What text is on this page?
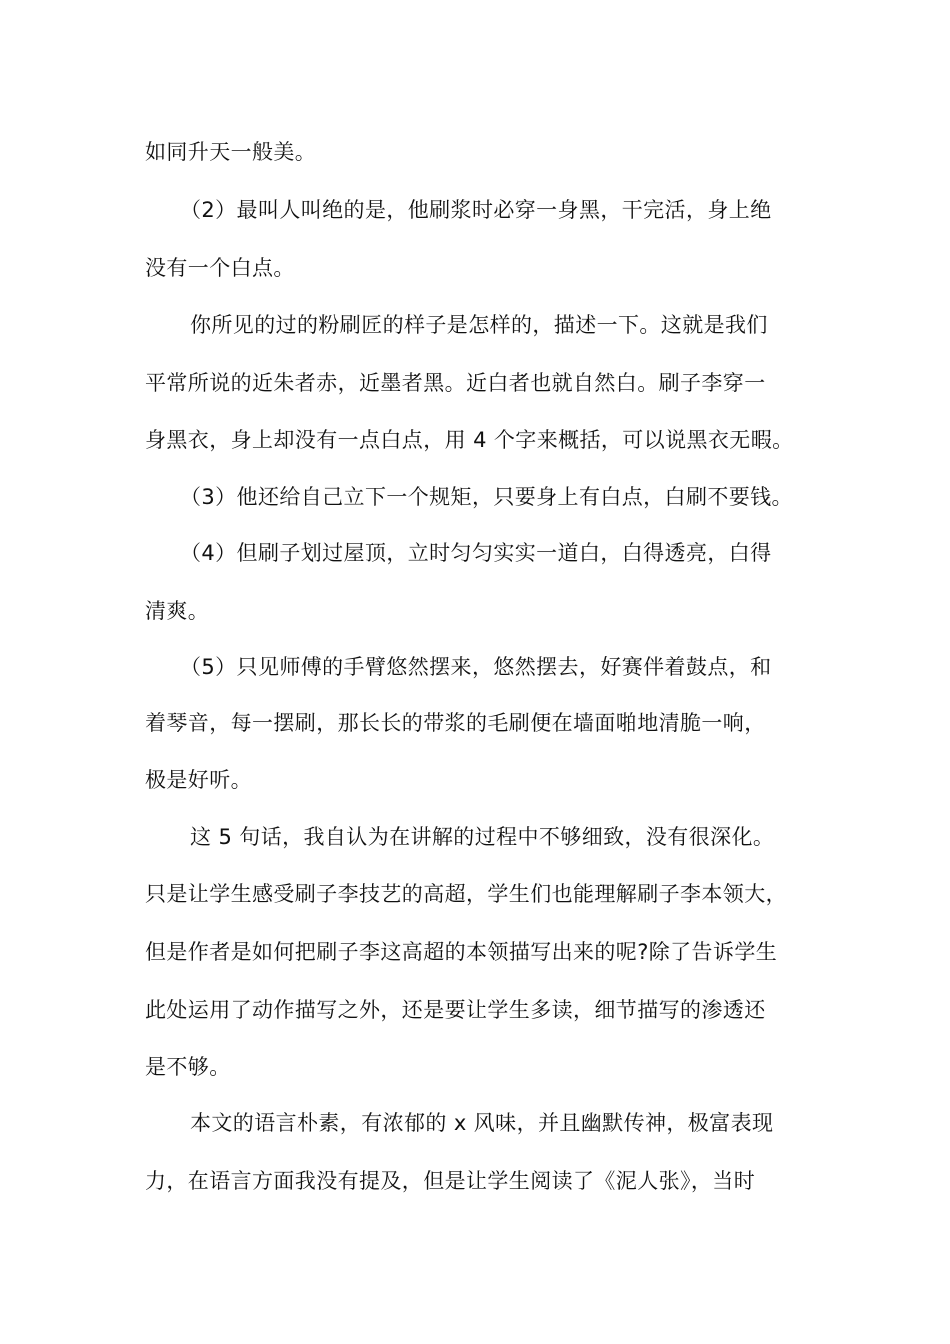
如同升天一般美。
（2）最叫人叫绝的是，他刷浆时必穿一身黑，干完活，身上绝
没有一个白点。
你所见的过的粉刷匠的样子是怎样的，描述一下。这就是我们
平常所说的近朱者赤，近墨者黑。近白者也就自然白。刷子李穿一
身黑衣，身上却没有一点白点，用 4 个字来概括，可以说黑衣无暇。
（3）他还给自己立下一个规矩，只要身上有白点，白刷不要钱。
（4）但刷子划过屋顶，立时匀匀实实一道白，白得透亮，白得
清爽。
（5）只见师傅的手臂悠然摆来，悠然摆去，好赛伴着鼓点，和
着琴音，每一摆刷，那长长的带浆的毛刷便在墙面啪地清脆一响，
极是好听。
这 5 句话，我自认为在讲解的过程中不够细致，没有很深化。
只是让学生感受刷子李技艺的高超，学生们也能理解刷子李本领大，
但是作者是如何把刷子李这高超的本领描写出来的呢?除了告诉学生
此处运用了动作描写之外，还是要让学生多读，细节描写的渗透还
是不够。
本文的语言朴素，有浓郁的 x 风味，并且幽默传神，极富表现
力，在语言方面我没有提及，但是让学生阅读了《泥人张》，当时
